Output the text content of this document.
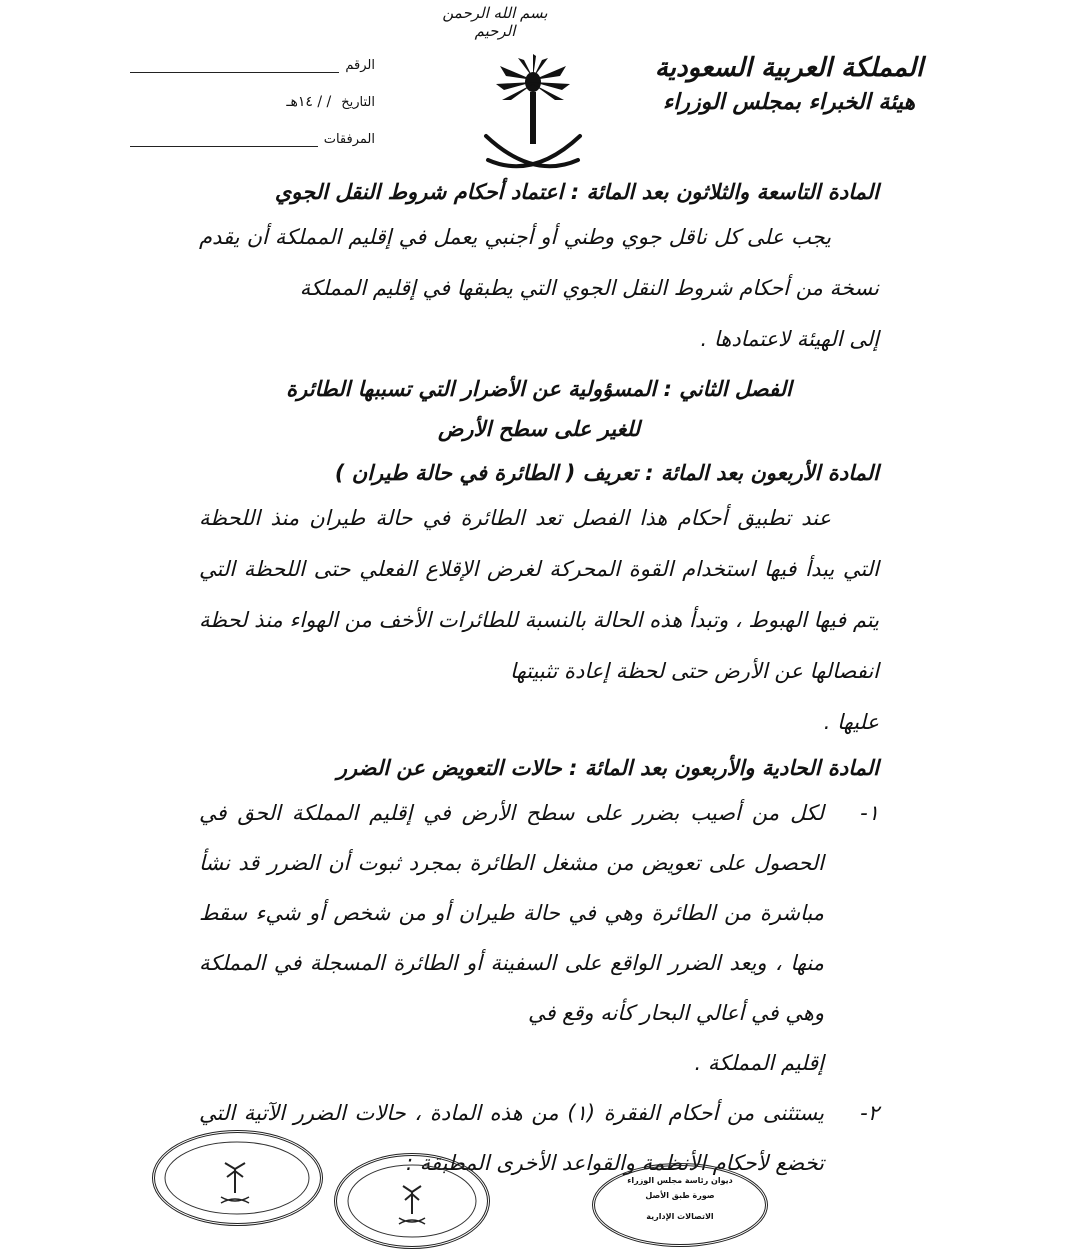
بسم الله الرحمن الرحيم
المملكة العربية السعودية
هيئة الخبراء بمجلس الوزراء
الرقم
التاريخ
/ / ١٤هـ
المرفقات
المادة التاسعة والثلاثون بعد المائة : اعتماد أحكام شروط النقل الجوي
يجب على كل ناقل جوي وطني أو أجنبي يعمل في إقليم المملكة أن يقدم نسخة من أحكام شروط النقل الجوي التي يطبقها في إقليم المملكة
إلى الهيئة لاعتمادها .
الفصل الثاني : المسؤولية عن الأضرار التي تسببها الطائرة
للغير على سطح الأرض
المادة الأربعون بعد المائة : تعريف ( الطائرة في حالة طيران )
عند تطبيق أحكام هذا الفصل تعد الطائرة في حالة طيران منذ اللحظة التي يبدأ فيها استخدام القوة المحركة لغرض الإقلاع الفعلي حتى اللحظة التي يتم فيها الهبوط ، وتبدأ هذه الحالة بالنسبة للطائرات الأخف من الهواء منذ لحظة انفصالها عن الأرض حتى لحظة إعادة تثبيتها
عليها .
المادة الحادية والأربعون بعد المائة : حالات التعويض عن الضرر
١-
لكل من أصيب بضرر على سطح الأرض في إقليم المملكة الحق في الحصول على تعويض من مشغل الطائرة بمجرد ثبوت أن الضرر قد نشأ مباشرة من الطائرة وهي في حالة طيران أو من شخص أو شيء سقط منها ، ويعد الضرر الواقع على السفينة أو الطائرة المسجلة في المملكة وهي في أعالي البحار كأنه وقع في
إقليم المملكة .
٢-
يستثنى من أحكام الفقرة (١) من هذه المادة ، حالات الضرر الآتية التي تخضع لأحكام الأنظمة والقواعد الأخرى المطبقة :
ديوان رئاسة مجلس الوزراء
صورة طبق الأصل
الاتصالات الإدارية
